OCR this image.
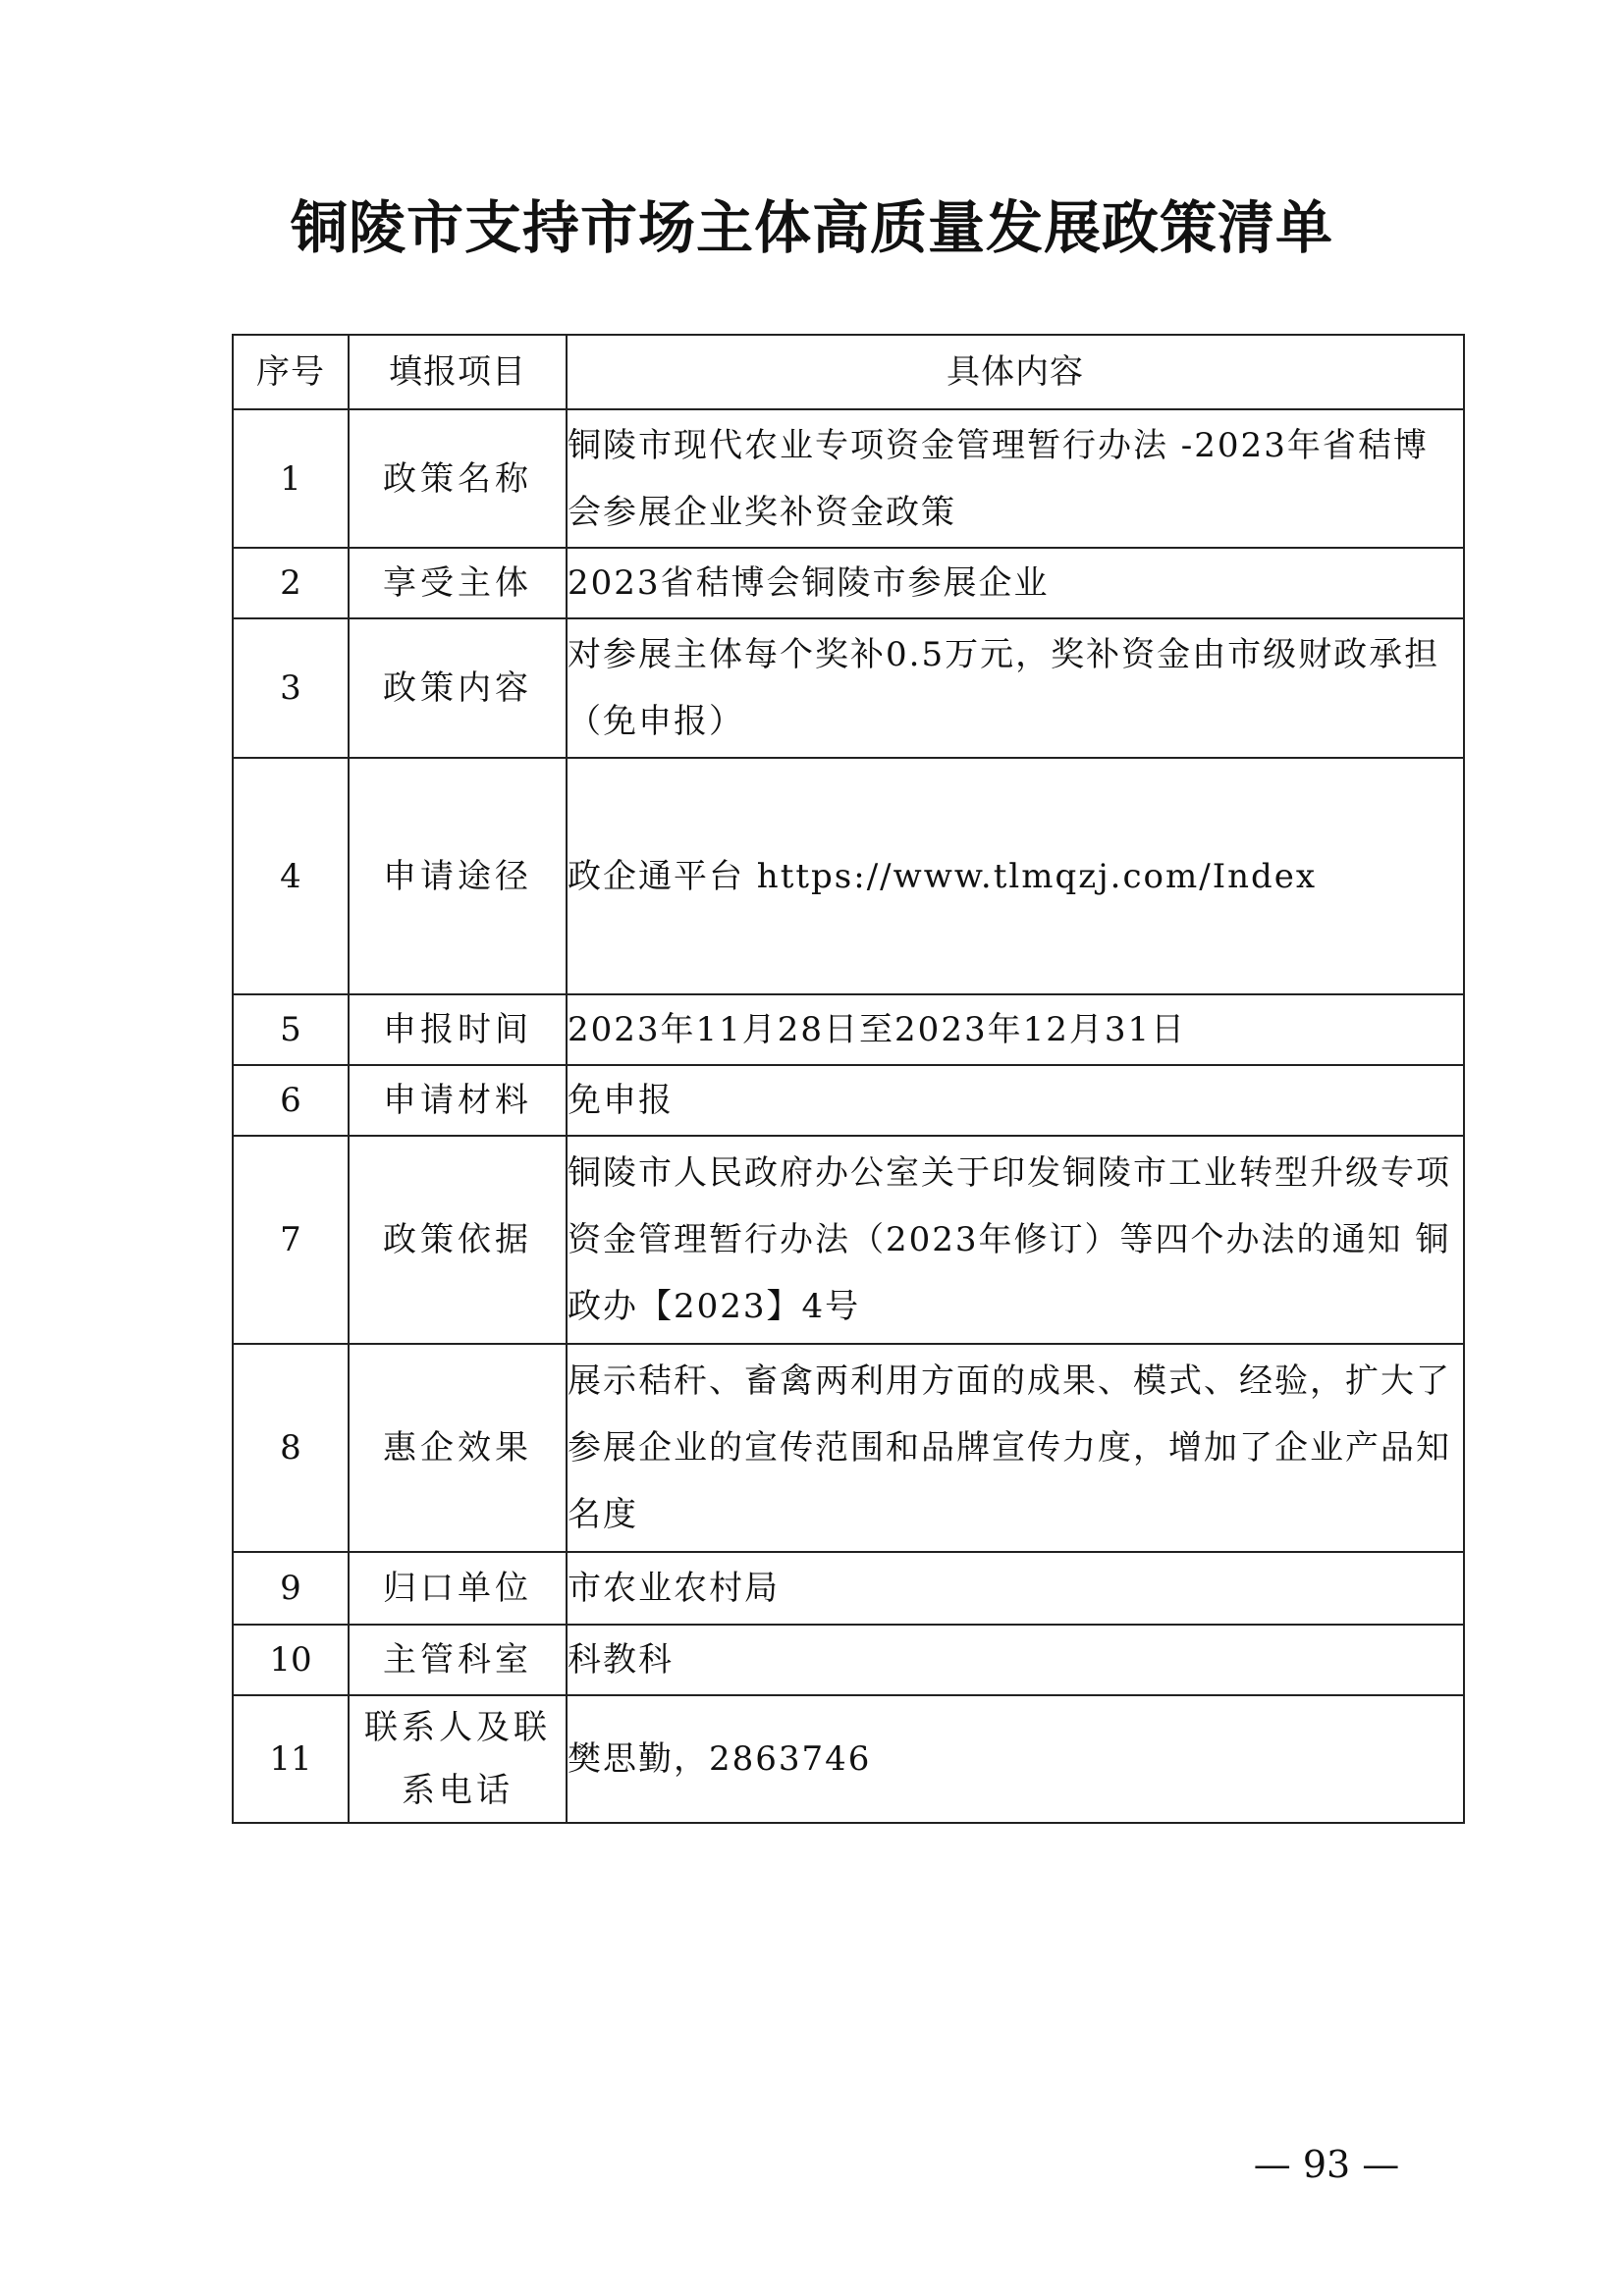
铜陵市支持市场主体高质量发展政策清单
序号	填报项目	具体内容
1	政策名称	铜陵市现代农业专项资金管理暂行办法 -2023年省秸博会参展企业奖补资金政策
2	享受主体	2023省秸博会铜陵市参展企业
3	政策内容	对参展主体每个奖补0.5万元，奖补资金由市级财政承担（免申报）
4	申请途径	政企通平台 https://www.tlmqzj.com/Index
5	申报时间	2023年11月28日至2023年12月31日
6	申请材料	免申报
7	政策依据	铜陵市人民政府办公室关于印发铜陵市工业转型升级专项资金管理暂行办法（2023年修订）等四个办法的通知 铜政办【2023】4号
8	惠企效果	展示秸秆、畜禽两利用方面的成果、模式、经验，扩大了参展企业的宣传范围和品牌宣传力度，增加了企业产品知名度
9	归口单位	市农业农村局
10	主管科室	科教科
11	联系人及联系电话	樊思勤，2863746
— 93 —
